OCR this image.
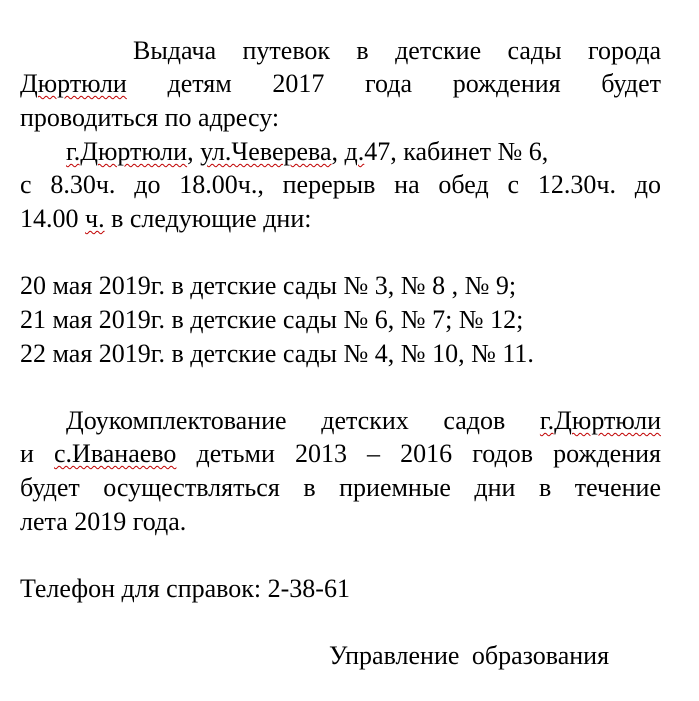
Выдача путевок в детские сады города
Дюртюли детям 2017 года рождения будет
проводиться по адресу:
г.Дюртюли, ул.Чеверева, д.47, кабинет № 6,
с 8.30ч. до 18.00ч., перерыв на обед с 12.30ч. до
14.00 ч. в следующие дни:
20 мая 2019г. в детские сады № 3, № 8 , № 9;
21 мая 2019г. в детские сады № 6, № 7; № 12;
22 мая 2019г. в детские сады № 4, № 10, № 11.
Доукомплектование детских садов г.Дюртюли
и с.Иванаево детьми 2013 – 2016 годов рождения
будет осуществляться в приемные дни в течение
лета 2019 года.
Телефон для справок: 2-38-61
Управление образования
